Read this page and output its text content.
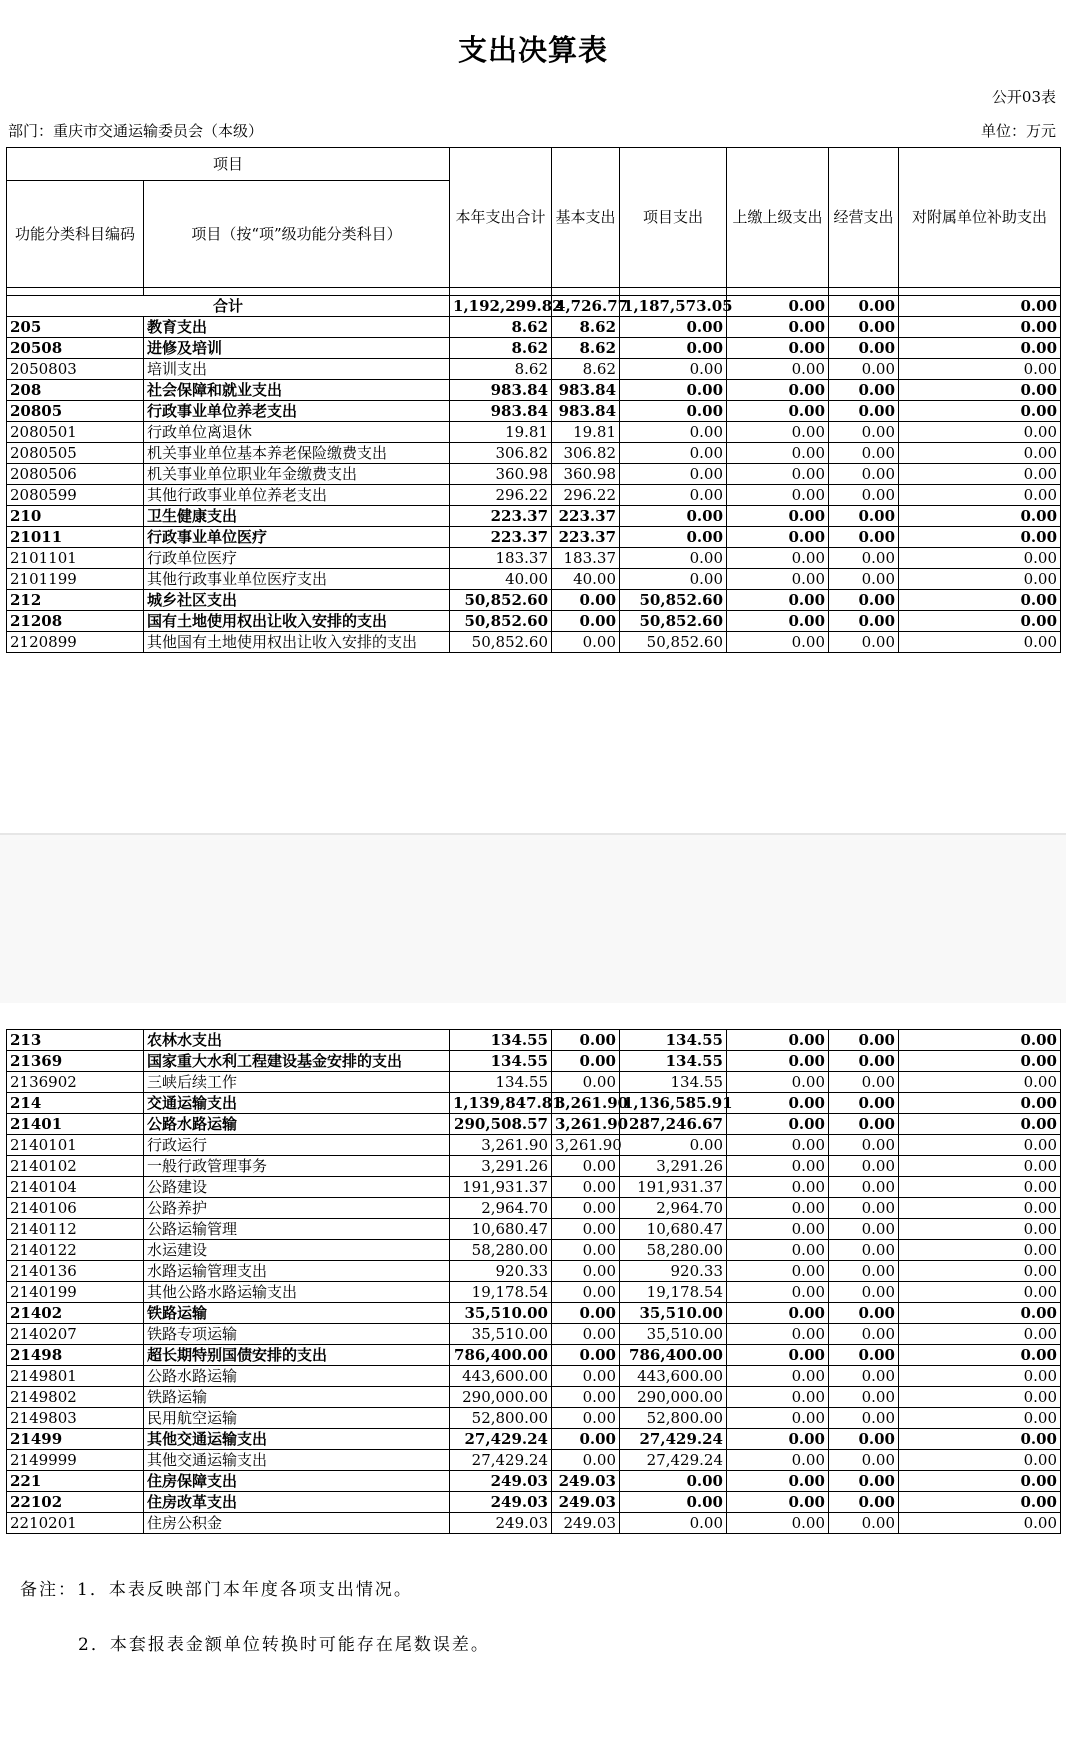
支出决算表
公开03表
部门：重庆市交通运输委员会（本级）	单位：万元
项目		本年支出合计	基本支出	项目支出	上缴上级支出	经营支出	对附属单位补助支出
功能分类科目编码	项目（按“项”级功能分类科目）						

合计		1,192,299.82	4,726.77	1,187,573.05	0.00	0.00	0.00
205	教育支出	8.62	8.62	0.00	0.00	0.00	0.00
20508	进修及培训	8.62	8.62	0.00	0.00	0.00	0.00
2050803	培训支出	8.62	8.62	0.00	0.00	0.00	0.00
208	社会保障和就业支出	983.84	983.84	0.00	0.00	0.00	0.00
20805	行政事业单位养老支出	983.84	983.84	0.00	0.00	0.00	0.00
2080501	行政单位离退休	19.81	19.81	0.00	0.00	0.00	0.00
2080505	机关事业单位基本养老保险缴费支出	306.82	306.82	0.00	0.00	0.00	0.00
2080506	机关事业单位职业年金缴费支出	360.98	360.98	0.00	0.00	0.00	0.00
2080599	其他行政事业单位养老支出	296.22	296.22	0.00	0.00	0.00	0.00
210	卫生健康支出	223.37	223.37	0.00	0.00	0.00	0.00
21011	行政事业单位医疗	223.37	223.37	0.00	0.00	0.00	0.00
2101101	行政单位医疗	183.37	183.37	0.00	0.00	0.00	0.00
2101199	其他行政事业单位医疗支出	40.00	40.00	0.00	0.00	0.00	0.00
212	城乡社区支出	50,852.60	0.00	50,852.60	0.00	0.00	0.00
21208	国有土地使用权出让收入安排的支出	50,852.60	0.00	50,852.60	0.00	0.00	0.00
2120899	其他国有土地使用权出让收入安排的支出	50,852.60	0.00	50,852.60	0.00	0.00	0.00
213	农林水支出	134.55	0.00	134.55	0.00	0.00	0.00
21369	国家重大水利工程建设基金安排的支出	134.55	0.00	134.55	0.00	0.00	0.00
2136902	三峡后续工作	134.55	0.00	134.55	0.00	0.00	0.00
214	交通运输支出	1,139,847.81	3,261.90	1,136,585.91	0.00	0.00	0.00
21401	公路水路运输	290,508.57	3,261.90	287,246.67	0.00	0.00	0.00
2140101	行政运行	3,261.90	3,261.90	0.00	0.00	0.00	0.00
2140102	一般行政管理事务	3,291.26	0.00	3,291.26	0.00	0.00	0.00
2140104	公路建设	191,931.37	0.00	191,931.37	0.00	0.00	0.00
2140106	公路养护	2,964.70	0.00	2,964.70	0.00	0.00	0.00
2140112	公路运输管理	10,680.47	0.00	10,680.47	0.00	0.00	0.00
2140122	水运建设	58,280.00	0.00	58,280.00	0.00	0.00	0.00
2140136	水路运输管理支出	920.33	0.00	920.33	0.00	0.00	0.00
2140199	其他公路水路运输支出	19,178.54	0.00	19,178.54	0.00	0.00	0.00
21402	铁路运输	35,510.00	0.00	35,510.00	0.00	0.00	0.00
2140207	铁路专项运输	35,510.00	0.00	35,510.00	0.00	0.00	0.00
21498	超长期特别国债安排的支出	786,400.00	0.00	786,400.00	0.00	0.00	0.00
2149801	公路水路运输	443,600.00	0.00	443,600.00	0.00	0.00	0.00
2149802	铁路运输	290,000.00	0.00	290,000.00	0.00	0.00	0.00
2149803	民用航空运输	52,800.00	0.00	52,800.00	0.00	0.00	0.00
21499	其他交通运输支出	27,429.24	0.00	27,429.24	0.00	0.00	0.00
2149999	其他交通运输支出	27,429.24	0.00	27,429.24	0.00	0.00	0.00
221	住房保障支出	249.03	249.03	0.00	0.00	0.00	0.00
22102	住房改革支出	249.03	249.03	0.00	0.00	0.00	0.00
2210201	住房公积金	249.03	249.03	0.00	0.00	0.00	0.00
备注：1．本表反映部门本年度各项支出情况。
2．本套报表金额单位转换时可能存在尾数误差。
